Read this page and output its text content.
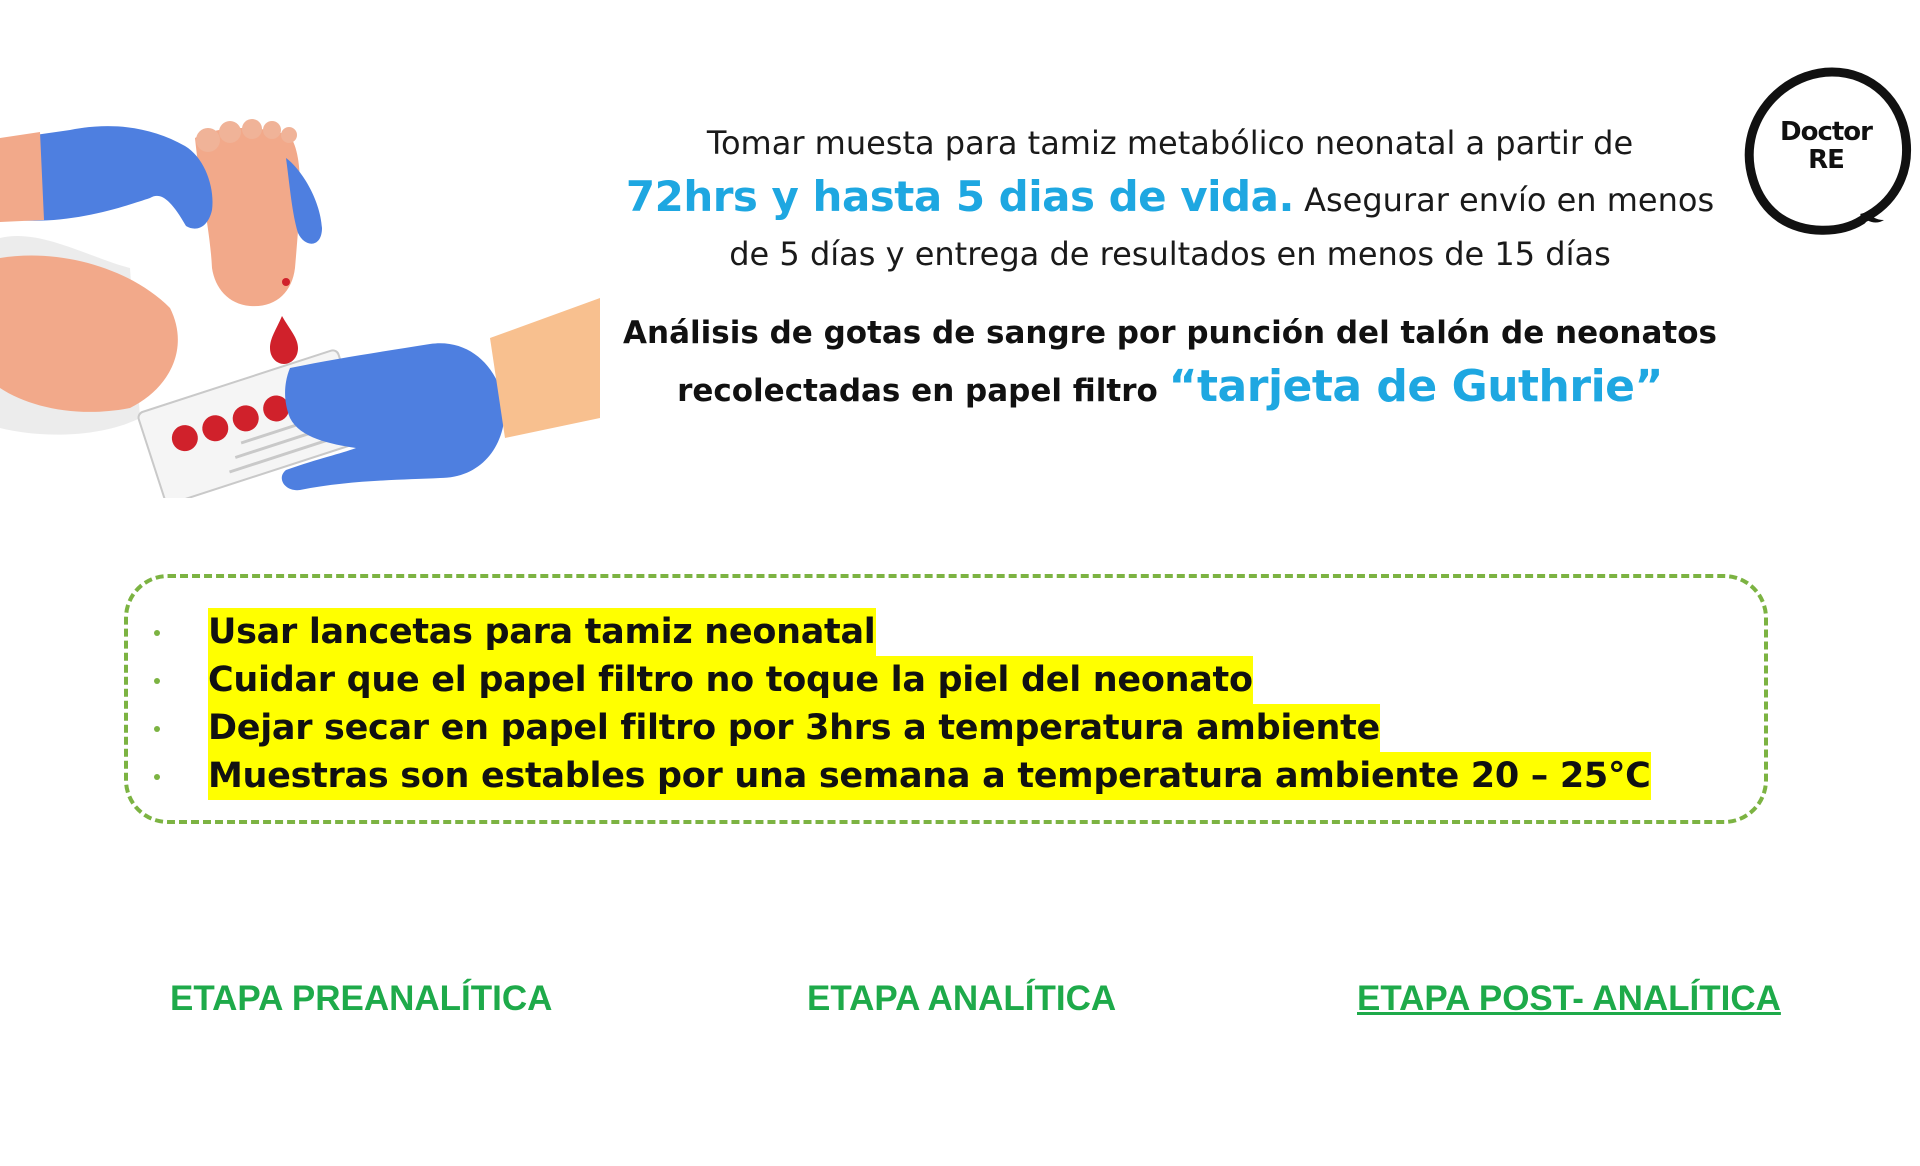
Doctor
RE
Tomar muesta para tamiz metabólico neonatal a partir de
72hrs y hasta 5 dias de vida. Asegurar envío en menos
de 5 días y entrega de resultados en menos de 15 días
Análisis de gotas de sangre por punción del talón de neonatos
recolectadas en papel filtro “tarjeta de Guthrie”
Usar lancetas para tamiz neonatal
Cuidar que el papel filtro no toque la piel del neonato
Dejar secar en papel filtro por 3hrs a temperatura ambiente
Muestras son estables por una semana a temperatura ambiente 20 – 25°C
ETAPA PREANALÍTICA	ETAPA ANALÍTICA	ETAPA POST- ANALÍTICA
